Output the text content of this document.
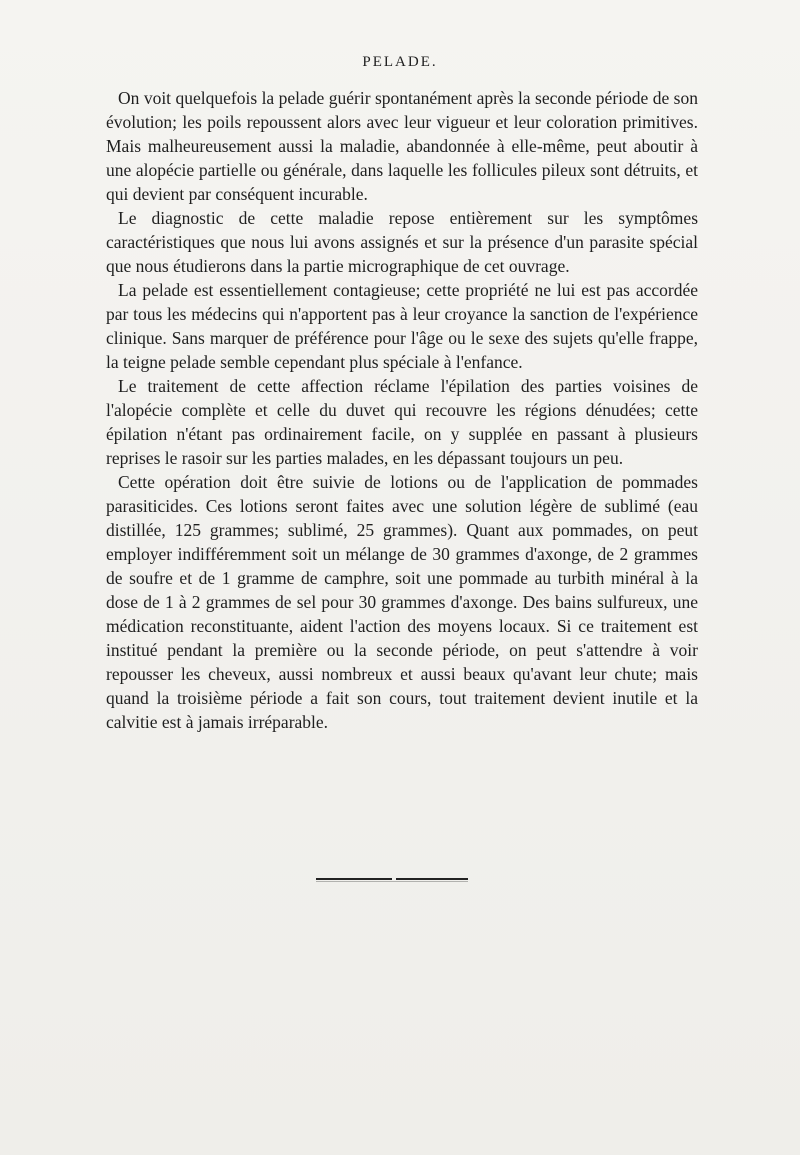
PELADE.

On voit quelquefois la pelade guérir spontanément après la seconde période de son évolution; les poils repoussent alors avec leur vigueur et leur coloration primitives. Mais malheureusement aussi la maladie, abandonnée à elle-même, peut aboutir à une alopécie partielle ou générale, dans laquelle les follicules pileux sont détruits, et qui devient par conséquent incurable.

Le diagnostic de cette maladie repose entièrement sur les symptômes caractéristiques que nous lui avons assignés et sur la présence d'un parasite spécial que nous étudierons dans la partie micrographique de cet ouvrage.

La pelade est essentiellement contagieuse; cette propriété ne lui est pas accordée par tous les médecins qui n'apportent pas à leur croyance la sanction de l'expérience clinique. Sans marquer de préférence pour l'âge ou le sexe des sujets qu'elle frappe, la teigne pelade semble cependant plus spéciale à l'enfance.

Le traitement de cette affection réclame l'épilation des parties voisines de l'alopécie complète et celle du duvet qui recouvre les régions dénudées; cette épilation n'étant pas ordinairement facile, on y supplée en passant à plusieurs reprises le rasoir sur les parties malades, en les dépassant toujours un peu.

Cette opération doit être suivie de lotions ou de l'application de pommades parasiticides. Ces lotions seront faites avec une solution légère de sublimé (eau distillée, 125 grammes; sublimé, 25 grammes). Quant aux pommades, on peut employer indifféremment soit un mélange de 30 grammes d'axonge, de 2 grammes de soufre et de 1 gramme de camphre, soit une pommade au turbith minéral à la dose de 1 à 2 grammes de sel pour 30 grammes d'axonge. Des bains sulfureux, une médication reconstituante, aident l'action des moyens locaux. Si ce traitement est institué pendant la première ou la seconde période, on peut s'attendre à voir repousser les cheveux, aussi nombreux et aussi beaux qu'avant leur chute; mais quand la troisième période a fait son cours, tout traitement devient inutile et la calvitie est à jamais irréparable.
